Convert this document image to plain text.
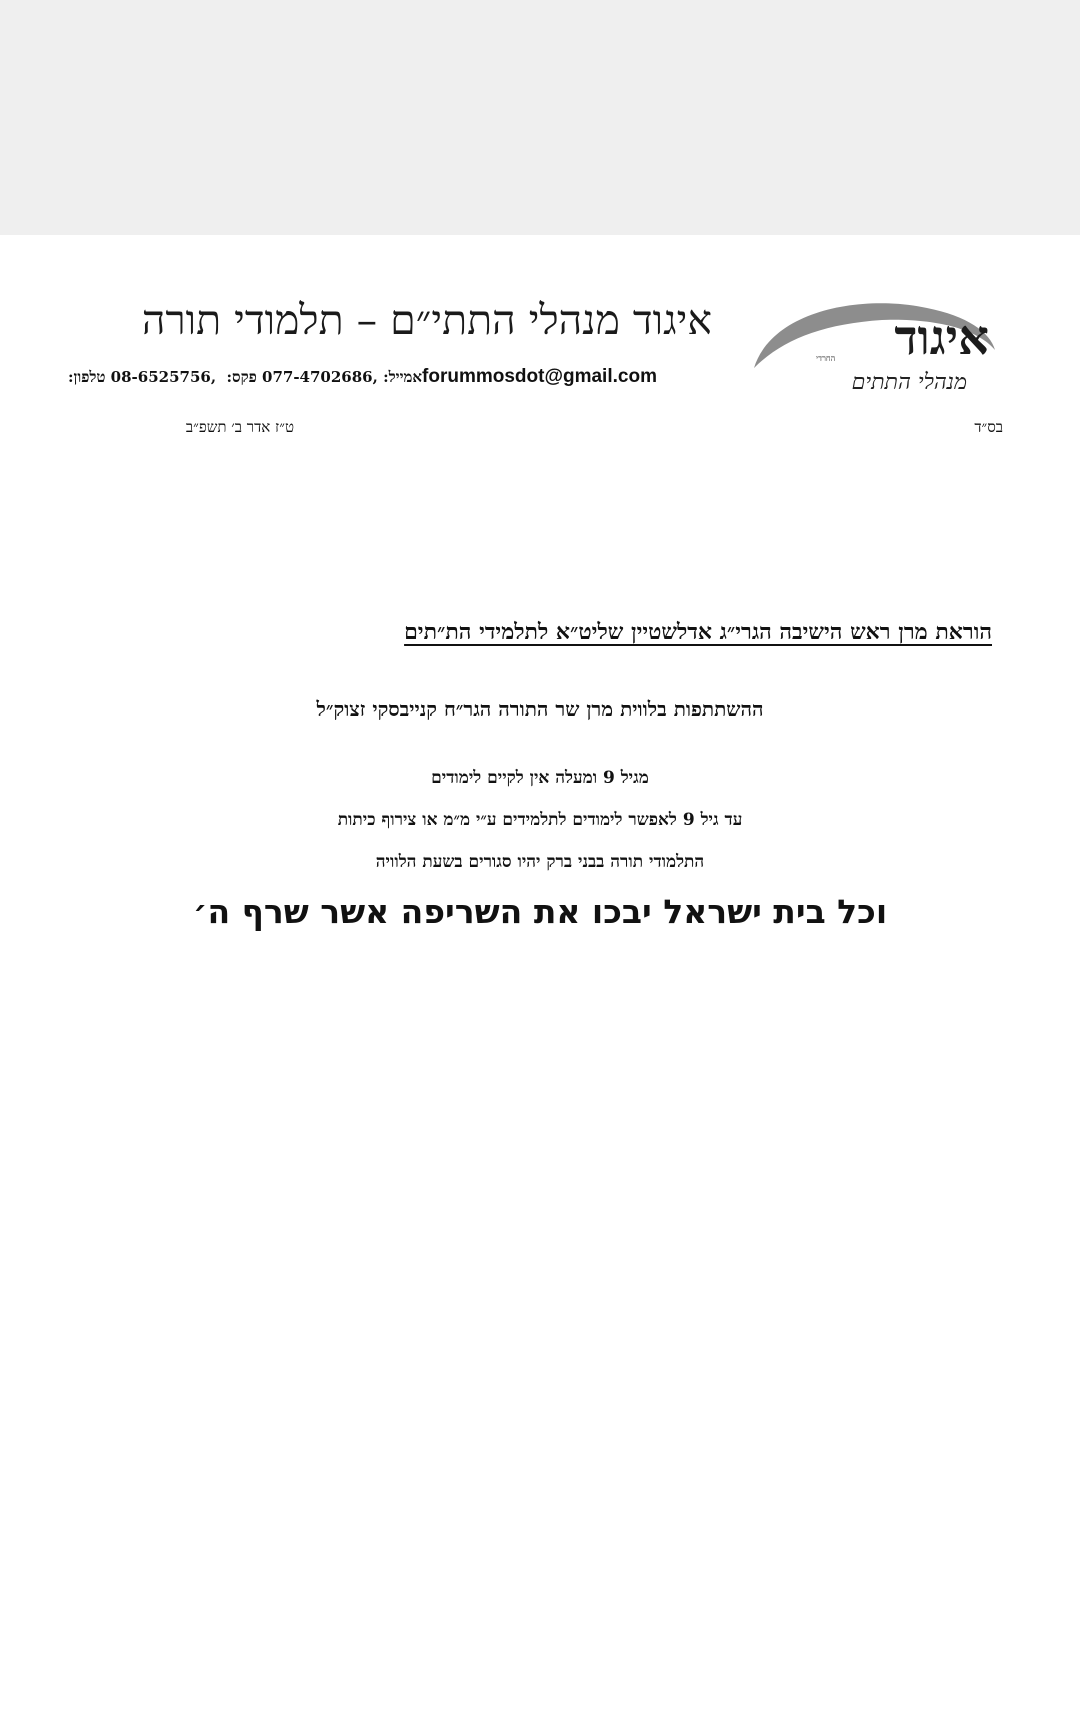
איגוד
החרדי
מנהלי התתים
איגוד מנהלי התתי״ם – תלמודי תורה
טלפון:
08-6525756,
פקס:
077-4702686,
אמייל: forummosdot@gmail.com
בס״ד
ט״ז אדר ב׳ תשפ״ב
הוראת מרן ראש הישיבה הגרי״ג אדלשטיין שליט״א לתלמידי הת״תים
ההשתתפות בלווית מרן שר התורה הגר״ח קנייבסקי זצוק״ל
מגיל 9 ומעלה אין לקיים לימודים
עד גיל 9 לאפשר לימודים לתלמידים ע״י מ״מ או צירוף כיתות
התלמודי תורה בבני ברק יהיו סגורים בשעת הלוויה
וכל בית ישראל יבכו את השריפה אשר שרף ה׳
